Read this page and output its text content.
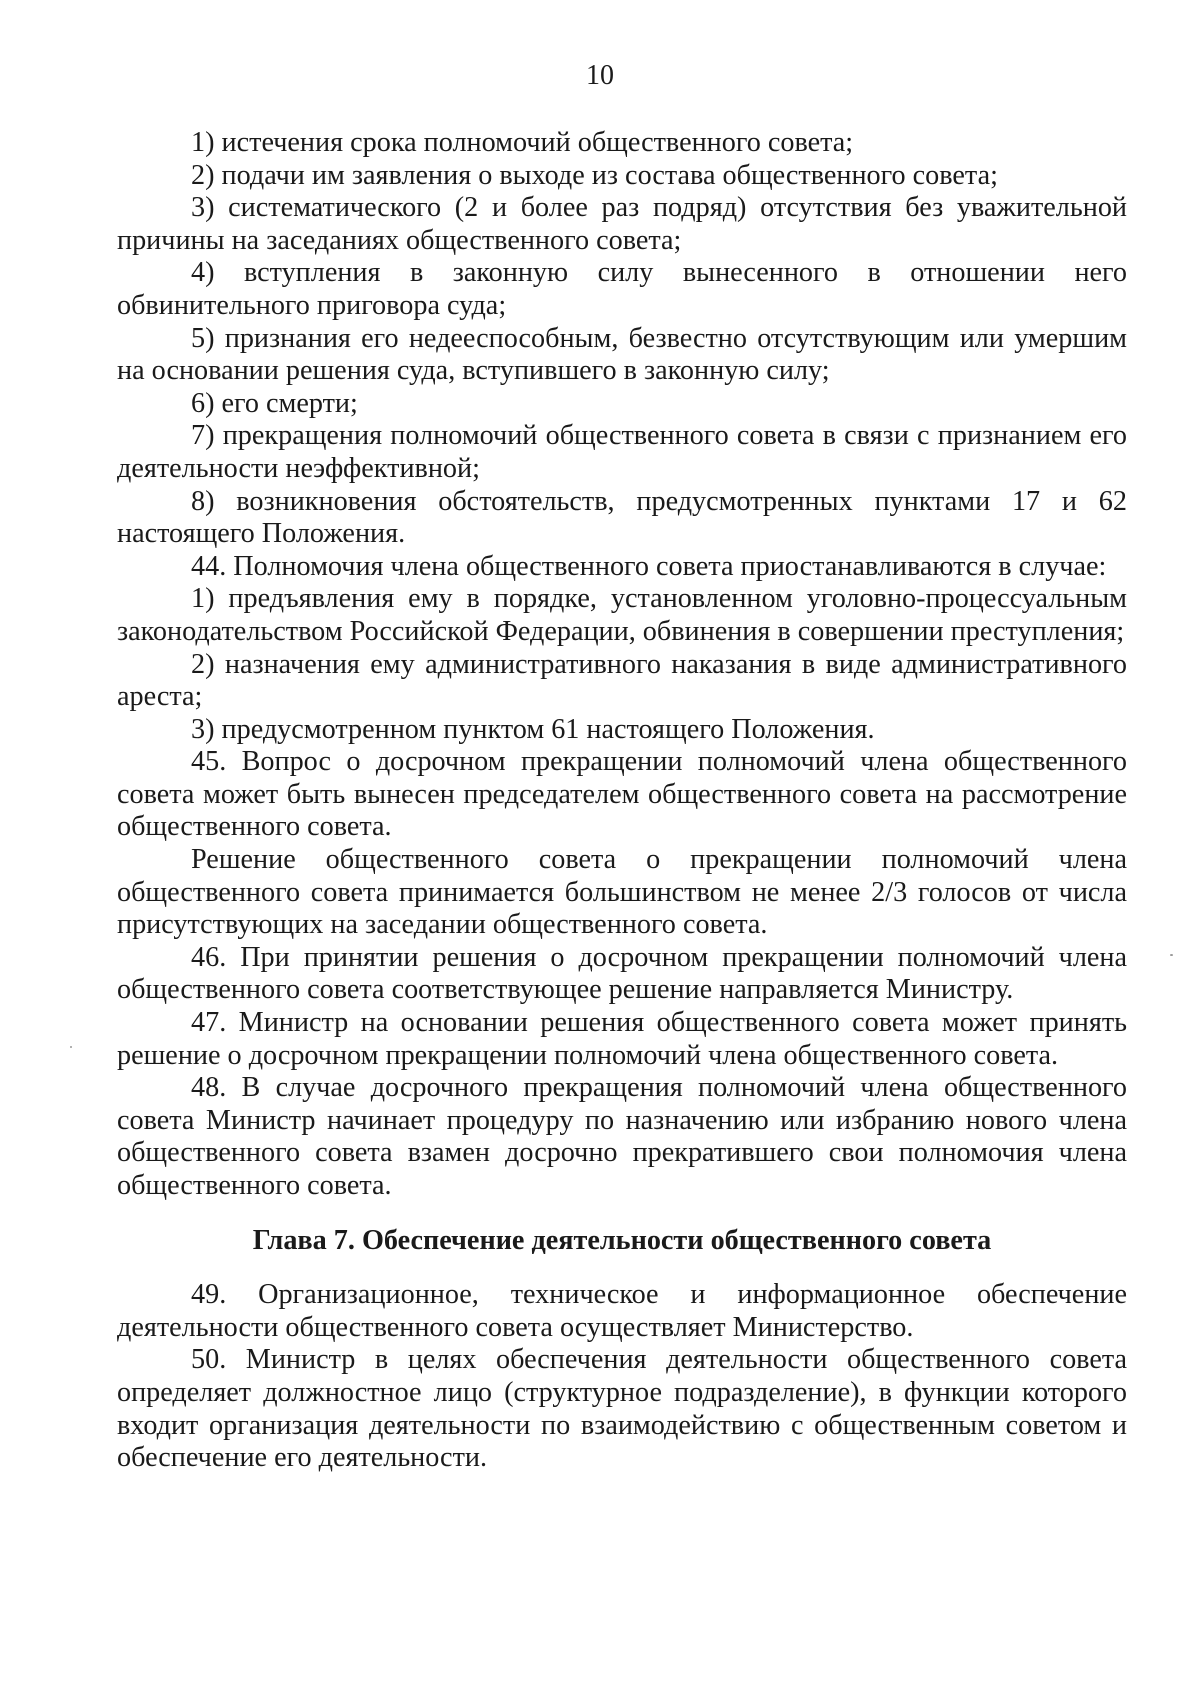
10

1) истечения срока полномочий общественного совета;

2) подачи им заявления о выходе из состава общественного совета;

3) систематического (2 и более раз подряд) отсутствия без уважительной причины на заседаниях общественного совета;

4) вступления в законную силу вынесенного в отношении него обвинительного приговора суда;

5) признания его недееспособным, безвестно отсутствующим или умершим на основании решения суда, вступившего в законную силу;

6) его смерти;

7) прекращения полномочий общественного совета в связи с признанием его деятельности неэффективной;

8) возникновения обстоятельств, предусмотренных пунктами 17 и 62 настоящего Положения.

44. Полномочия члена общественного совета приостанавливаются в случае:

1) предъявления ему в порядке, установленном уголовно-процессуальным законодательством Российской Федерации, обвинения в совершении преступления;

2) назначения ему административного наказания в виде административного ареста;

3) предусмотренном пунктом 61 настоящего Положения.

45. Вопрос о досрочном прекращении полномочий члена общественного совета может быть вынесен председателем общественного совета на рассмотрение общественного совета.

Решение общественного совета о прекращении полномочий члена общественного совета принимается большинством не менее 2/3 голосов от числа присутствующих на заседании общественного совета.

46. При принятии решения о досрочном прекращении полномочий члена общественного совета соответствующее решение направляется Министру.

47. Министр на основании решения общественного совета может принять решение о досрочном прекращении полномочий члена общественного совета.

48. В случае досрочного прекращения полномочий члена общественного совета Министр начинает процедуру по назначению или избранию нового члена общественного совета взамен досрочно прекратившего свои полномочия члена общественного совета.

Глава 7. Обеспечение деятельности общественного совета

49. Организационное, техническое и информационное обеспечение деятельности общественного совета осуществляет Министерство.

50. Министр в целях обеспечения деятельности общественного совета определяет должностное лицо (структурное подразделение), в функции которого входит организация деятельности по взаимодействию с общественным советом и обеспечение его деятельности.
